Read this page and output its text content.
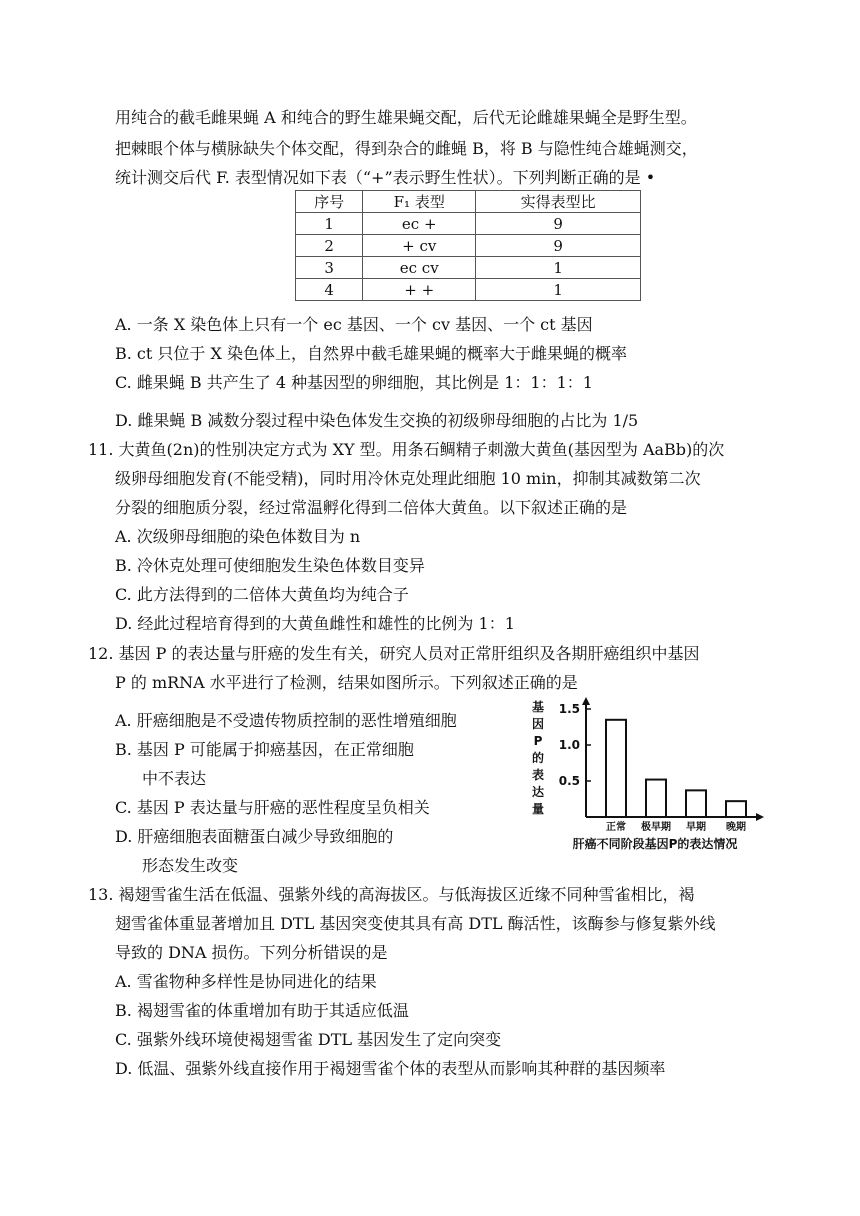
用纯合的截毛雌果蝇 A 和纯合的野生雄果蝇交配，后代无论雌雄果蝇全是野生型。
把棘眼个体与横脉缺失个体交配，得到杂合的雌蝇 B，将 B 与隐性纯合雄蝇测交，
统计测交后代 F. 表型情况如下表（“+”表示野生性状）。下列判断正确的是 •
序号	F₁ 表型	实得表型比
1	ec +	9
2	+ cv	9
3	ec cv	1
4	+ +	1
A. 一条 X 染色体上只有一个 ec 基因、一个 cv 基因、一个 ct 基因
B. ct 只位于 X 染色体上，自然界中截毛雄果蝇的概率大于雌果蝇的概率
C. 雌果蝇 B 共产生了 4 种基因型的卵细胞，其比例是 1：1：1：1
D. 雌果蝇 B 减数分裂过程中染色体发生交换的初级卵母细胞的占比为 1/5
11. 大黄鱼(2n)的性别决定方式为 XY 型。用条石鲷精子刺激大黄鱼(基因型为 AaBb)的次
级卵母细胞发育(不能受精)，同时用冷休克处理此细胞 10 min，抑制其减数第二次
分裂的细胞质分裂，经过常温孵化得到二倍体大黄鱼。以下叙述正确的是
A. 次级卵母细胞的染色体数目为 n
B. 冷休克处理可使细胞发生染色体数目变异
C. 此方法得到的二倍体大黄鱼均为纯合子
D. 经此过程培育得到的大黄鱼雌性和雄性的比例为 1：1
12. 基因 P 的表达量与肝癌的发生有关，研究人员对正常肝组织及各期肝癌组织中基因
P 的 mRNA 水平进行了检测，结果如图所示。下列叙述正确的是
A. 肝癌细胞是不受遗传物质控制的恶性增殖细胞
B. 基因 P 可能属于抑癌基因，在正常细胞
中不表达
C. 基因 P 表达量与肝癌的恶性程度呈负相关
D. 肝癌细胞表面糖蛋白减少导致细胞的
形态发生改变
基
因
P
的
表
达
量
1.5
1.0
0.5
正常 极早期 早期 晚期
肝癌不同阶段基因P的表达情况
13. 褐翅雪雀生活在低温、强紫外线的高海拔区。与低海拔区近缘不同种雪雀相比，褐
翅雪雀体重显著增加且 DTL 基因突变使其具有高 DTL 酶活性，该酶参与修复紫外线
导致的 DNA 损伤。下列分析错误的是
A. 雪雀物种多样性是协同进化的结果
B. 褐翅雪雀的体重增加有助于其适应低温
C. 强紫外线环境使褐翅雪雀 DTL 基因发生了定向突变
D. 低温、强紫外线直接作用于褐翅雪雀个体的表型从而影响其种群的基因频率
